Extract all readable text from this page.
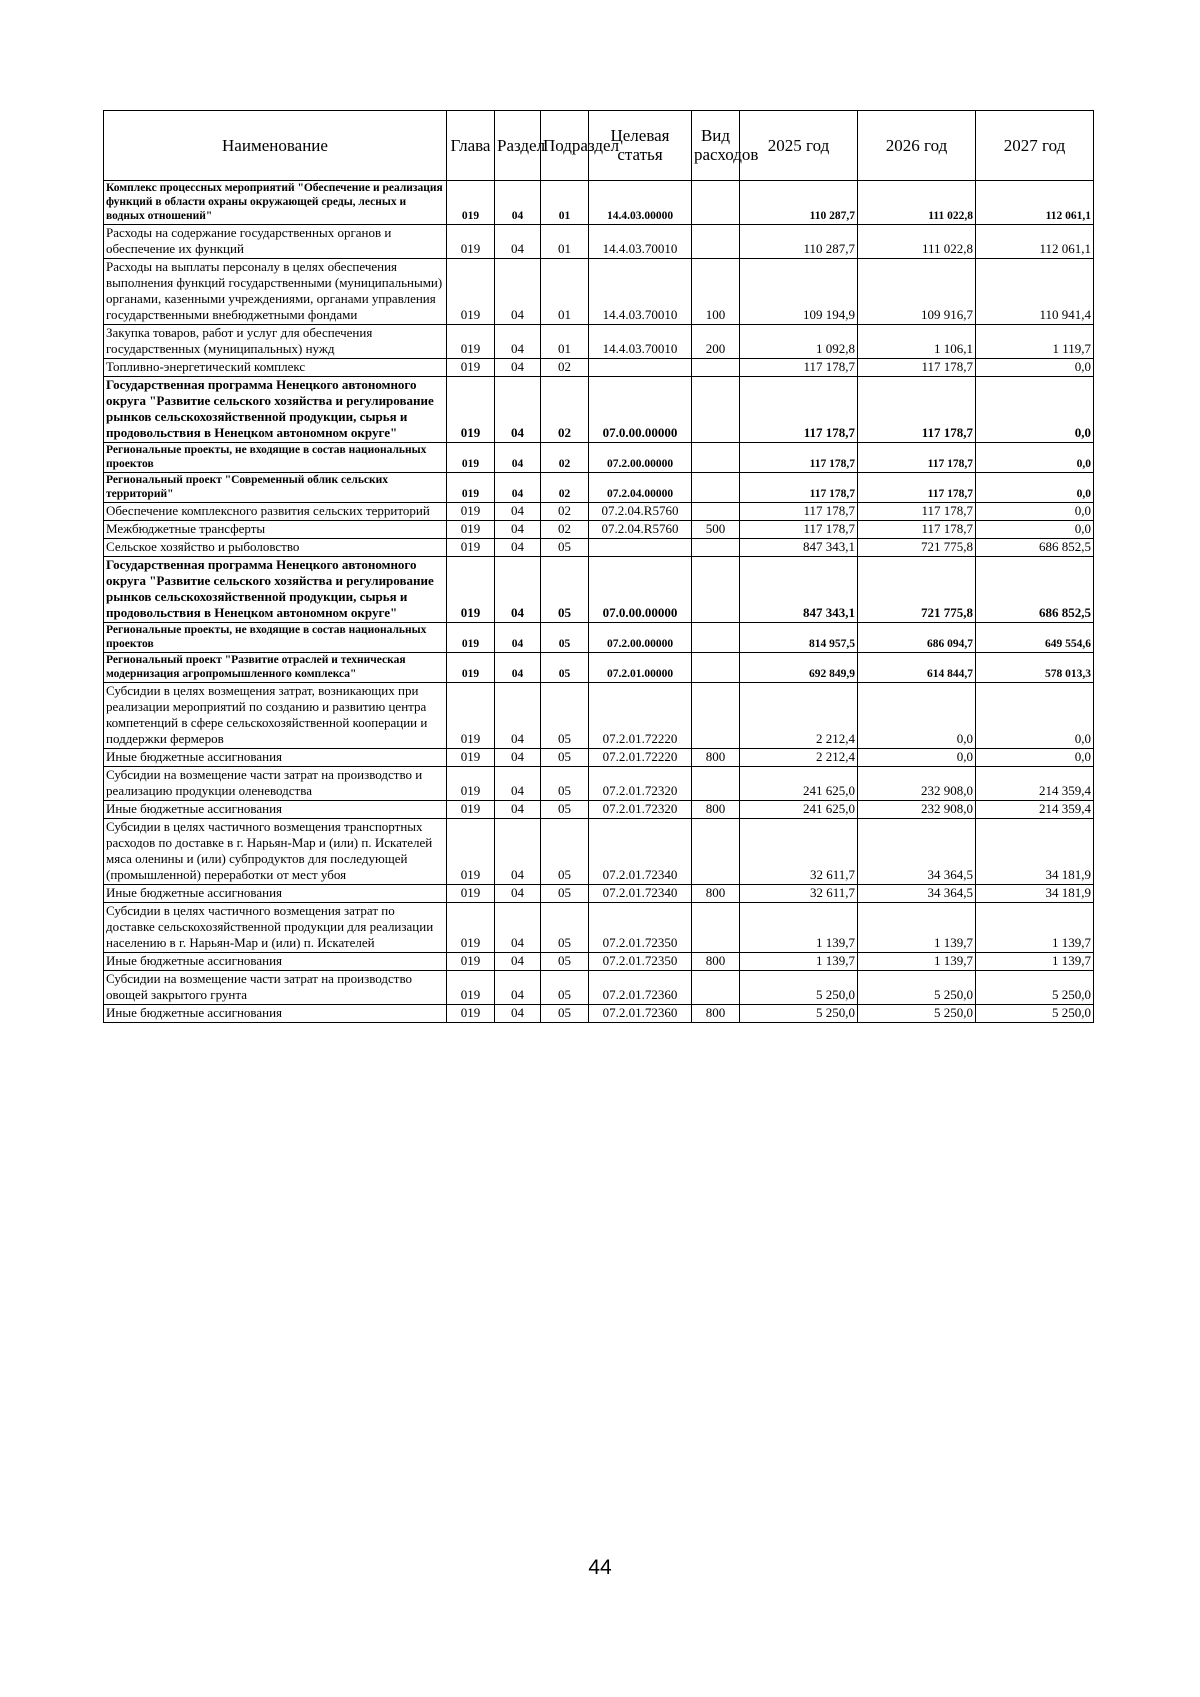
Наименование	Глава	Раздел	Подраздел	Целевая статья	Вид расходов	2025 год	2026 год	2027 год
Комплекс процессных мероприятий "Обеспечение и реализация функций в области охраны окружающей среды, лесных и водных отношений"	019	04	01	14.4.03.00000		110 287,7	111 022,8	112 061,1
Расходы на содержание государственных органов и обеспечение их функций	019	04	01	14.4.03.70010		110 287,7	111 022,8	112 061,1
Расходы на выплаты персоналу в целях обеспечения выполнения функций государственными (муниципальными) органами, казенными учреждениями, органами управления государственными внебюджетными фондами	019	04	01	14.4.03.70010	100	109 194,9	109 916,7	110 941,4
Закупка товаров, работ и услуг для обеспечения государственных (муниципальных) нужд	019	04	01	14.4.03.70010	200	1 092,8	1 106,1	1 119,7
Топливно-энергетический комплекс	019	04	02			117 178,7	117 178,7	0,0
Государственная программа Ненецкого автономного округа "Развитие сельского хозяйства и регулирование рынков сельскохозяйственной продукции, сырья и продовольствия в Ненецком автономном округе"	019	04	02	07.0.00.00000		117 178,7	117 178,7	0,0
Региональные проекты, не входящие в состав национальных проектов	019	04	02	07.2.00.00000		117 178,7	117 178,7	0,0
Региональный проект "Современный облик сельских территорий"	019	04	02	07.2.04.00000		117 178,7	117 178,7	0,0
Обеспечение комплексного развития сельских территорий	019	04	02	07.2.04.R5760		117 178,7	117 178,7	0,0
Межбюджетные трансферты	019	04	02	07.2.04.R5760	500	117 178,7	117 178,7	0,0
Сельское хозяйство и рыболовство	019	04	05			847 343,1	721 775,8	686 852,5
Государственная программа Ненецкого автономного округа "Развитие сельского хозяйства и регулирование рынков сельскохозяйственной продукции, сырья и продовольствия в Ненецком автономном округе"	019	04	05	07.0.00.00000		847 343,1	721 775,8	686 852,5
Региональные проекты, не входящие в состав национальных проектов	019	04	05	07.2.00.00000		814 957,5	686 094,7	649 554,6
Региональный проект "Развитие отраслей и техническая модернизация агропромышленного комплекса"	019	04	05	07.2.01.00000		692 849,9	614 844,7	578 013,3
Субсидии в целях возмещения затрат, возникающих при реализации мероприятий по созданию и развитию центра компетенций в сфере сельскохозяйственной кооперации и поддержки фермеров	019	04	05	07.2.01.72220		2 212,4	0,0	0,0
Иные бюджетные ассигнования	019	04	05	07.2.01.72220	800	2 212,4	0,0	0,0
Субсидии на возмещение части затрат на производство и реализацию продукции оленеводства	019	04	05	07.2.01.72320		241 625,0	232 908,0	214 359,4
Иные бюджетные ассигнования	019	04	05	07.2.01.72320	800	241 625,0	232 908,0	214 359,4
Субсидии в целях частичного возмещения транспортных расходов по доставке в г. Нарьян-Мар и (или) п. Искателей мяса оленины и (или) субпродуктов для последующей (промышленной) переработки от мест убоя	019	04	05	07.2.01.72340		32 611,7	34 364,5	34 181,9
Иные бюджетные ассигнования	019	04	05	07.2.01.72340	800	32 611,7	34 364,5	34 181,9
Субсидии в целях частичного возмещения затрат по доставке сельскохозяйственной продукции для реализации населению в г. Нарьян-Мар и (или) п. Искателей	019	04	05	07.2.01.72350		1 139,7	1 139,7	1 139,7
Иные бюджетные ассигнования	019	04	05	07.2.01.72350	800	1 139,7	1 139,7	1 139,7
Субсидии на возмещение части затрат на производство овощей закрытого грунта	019	04	05	07.2.01.72360		5 250,0	5 250,0	5 250,0
Иные бюджетные ассигнования	019	04	05	07.2.01.72360	800	5 250,0	5 250,0	5 250,0
44
